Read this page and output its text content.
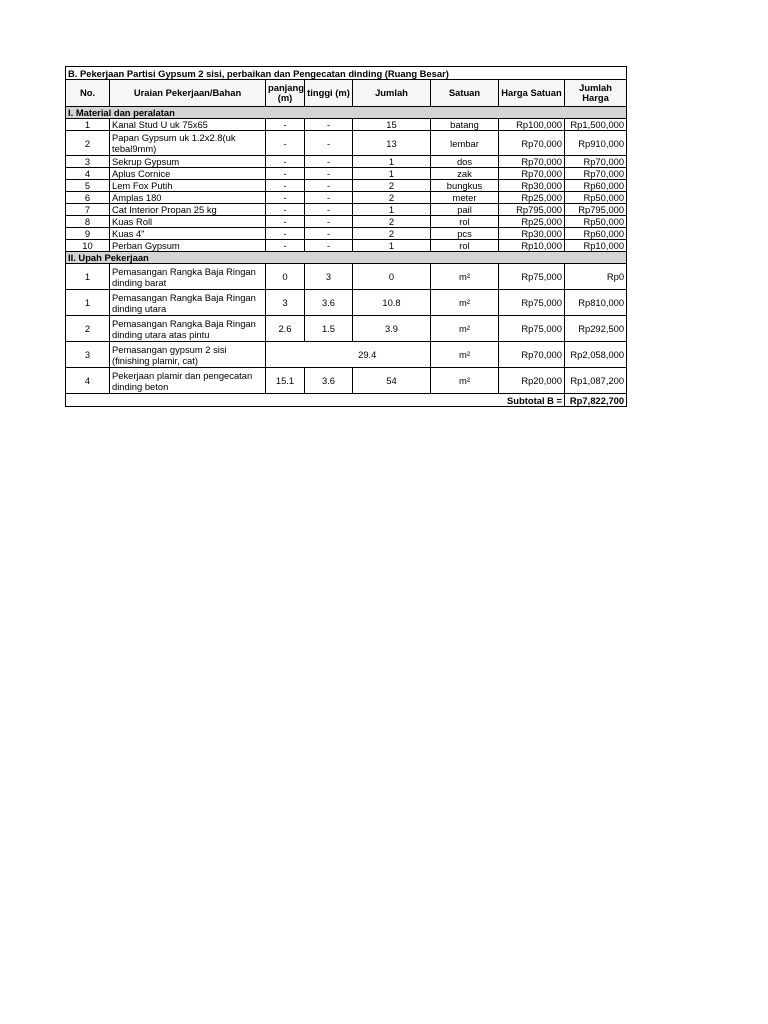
B. Pekerjaan Partisi Gypsum 2 sisi, perbaikan dan Pengecatan dinding (Ruang Besar)							
No.	Uraian Pekerjaan/Bahan	panjang (m)	tinggi (m)	Jumlah	Satuan	Harga Satuan	Jumlah Harga
I. Material dan peralatan							
1	Kanal Stud U uk 75x65	-	-	15	batang	Rp100,000	Rp1,500,000
2	Papan Gypsum uk 1.2x2.8(uk tebal9mm)	-	-	13	lembar	Rp70,000	Rp910,000
3	Sekrup Gypsum	-	-	1	dos	Rp70,000	Rp70,000
4	Aplus Cornice	-	-	1	zak	Rp70,000	Rp70,000
5	Lem Fox Putih	-	-	2	bungkus	Rp30,000	Rp60,000
6	Amplas 180	-	-	2	meter	Rp25,000	Rp50,000
7	Cat Interior Propan 25 kg	-	-	1	pail	Rp795,000	Rp795,000
8	Kuas Roll	-	-	2	rol	Rp25,000	Rp50,000
9	Kuas 4"	-	-	2	pcs	Rp30,000	Rp60,000
10	Perban Gypsum	-	-	1	rol	Rp10,000	Rp10,000
II. Upah Pekerjaan							
1	Pemasangan Rangka Baja Ringan dinding barat	0	3	0	m²	Rp75,000	Rp0
1	Pemasangan Rangka Baja Ringan dinding utara	3	3.6	10.8	m²	Rp75,000	Rp810,000
2	Pemasangan Rangka Baja Ringan dinding utara atas pintu	2.6	1.5	3.9	m²	Rp75,000	Rp292,500
3	Pemasangan gypsum 2 sisi (finishing plamir, cat)		29.4		m²	Rp70,000	Rp2,058,000
4	Pekerjaan plamir dan pengecatan dinding beton	15.1	3.6	54	m²	Rp20,000	Rp1,087,200
Subtotal B =							Rp7,822,700
